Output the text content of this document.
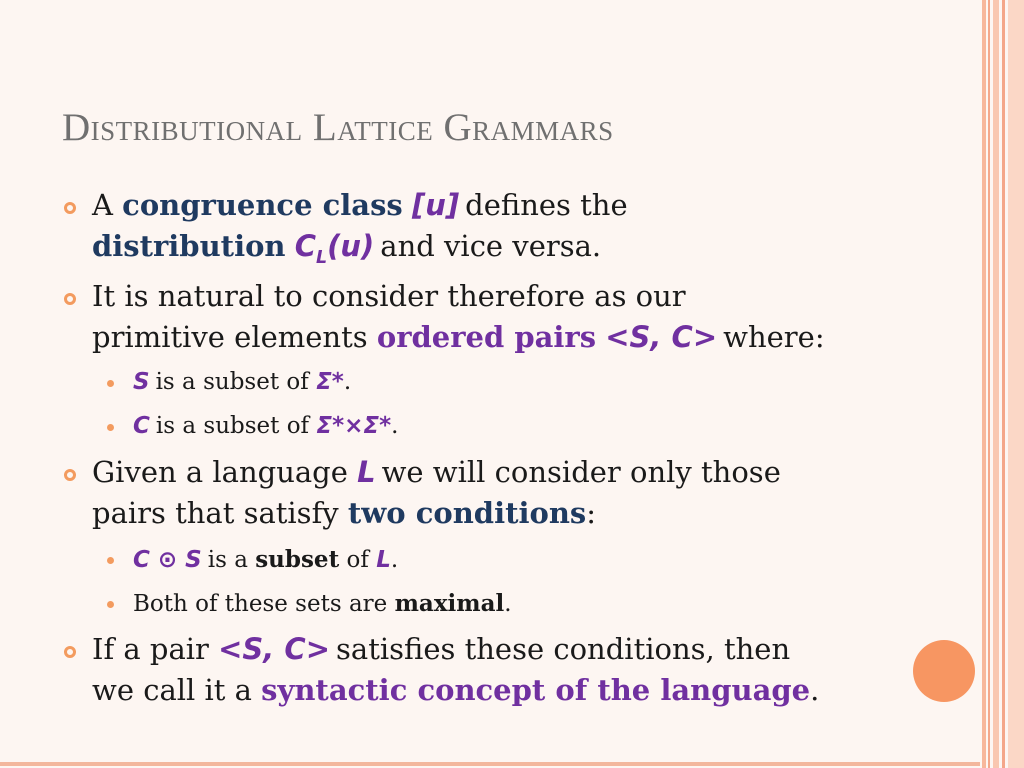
Distributional Lattice Grammars
A congruence class [u] defines the
distribution $C_L(u)$ and vice versa.
It is natural to consider therefore as our
primitive elements ordered pairs <S, C> where:
S is a subset of Σ*.
C is a subset of Σ*×Σ*.
Given a language L we will consider only those
pairs that satisfy two conditions:
C ⊙ S is a subset of L.
Both of these sets are maximal.
If a pair <S, C> satisfies these conditions, then
we call it a syntactic concept of the language.
